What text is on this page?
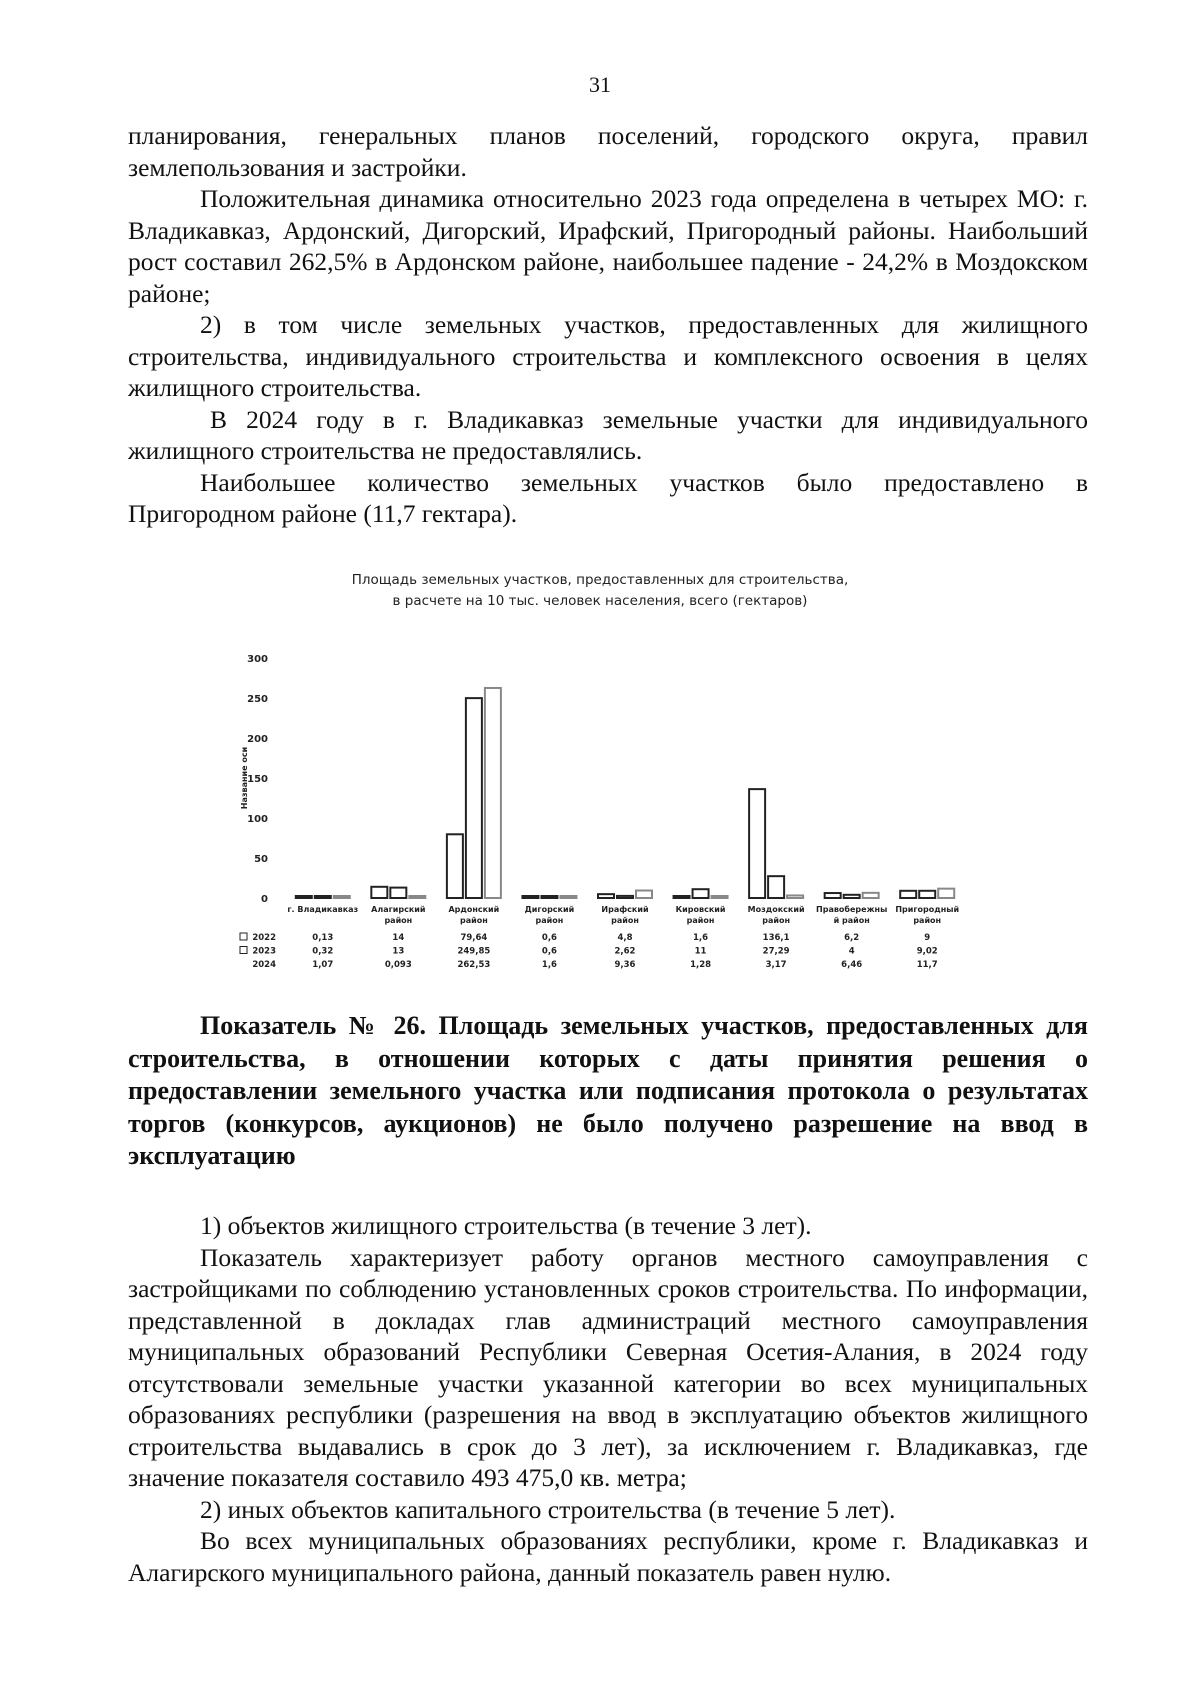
31

планирования, генеральных планов поселений, городского округа, правил землепользования и застройки.

Положительная динамика относительно 2023 года определена в четырех МО: г. Владикавказ, Ардонский, Дигорский, Ирафский, Пригородный районы. Наибольший рост составил 262,5% в Ардонском районе, наибольшее падение - 24,2% в Моздокском районе;

2) в том числе земельных участков, предоставленных для жилищного строительства, индивидуального строительства и комплексного освоения в целях жилищного строительства.

В 2024 году в г. Владикавказ земельные участки для индивидуального жилищного строительства не предоставлялись.

Наибольшее количество земельных участков было предоставлено в Пригородном районе (11,7 гектара).

Площадь земельных участков, предоставленных для строительства,
в расчете на 10 тыс. человек населения, всего (гектаров)
0
50
100
150
200
250
300
Название оси
г. Владикавказ
0,13
0,32
1,07
Алагирский
район
14
13
0,093
Ардонский
район
79,64
249,85
262,53
Дигорский
район
0,6
0,6
1,6
Ирафский
район
4,8
2,62
9,36
Кировский
район
1,6
11
1,28
Моздокский
район
136,1
27,29
3,17
Правобережны
й район
6,2
4
6,46
Пригородный
район
9
9,02
11,7
2022
2023
2024

Показатель № 26. Площадь земельных участков, предоставленных для строительства, в отношении которых с даты принятия решения о предоставлении земельного участка или подписания протокола о результатах торгов (конкурсов, аукционов) не было получено разрешение на ввод в эксплуатацию

1) объектов жилищного строительства (в течение 3 лет).

Показатель характеризует работу органов местного самоуправления с застройщиками по соблюдению установленных сроков строительства. По информации, представленной в докладах глав администраций местного самоуправления муниципальных образований Республики Северная Осетия-Алания, в 2024 году отсутствовали земельные участки указанной категории во всех муниципальных образованиях республики (разрешения на ввод в эксплуатацию объектов жилищного строительства выдавались в срок до 3 лет), за исключением г. Владикавказ, где значение показателя составило 493 475,0 кв. метра;

2) иных объектов капитального строительства (в течение 5 лет).

Во всех муниципальных образованиях республики, кроме г. Владикавказ и Алагирского муниципального района, данный показатель равен нулю.
